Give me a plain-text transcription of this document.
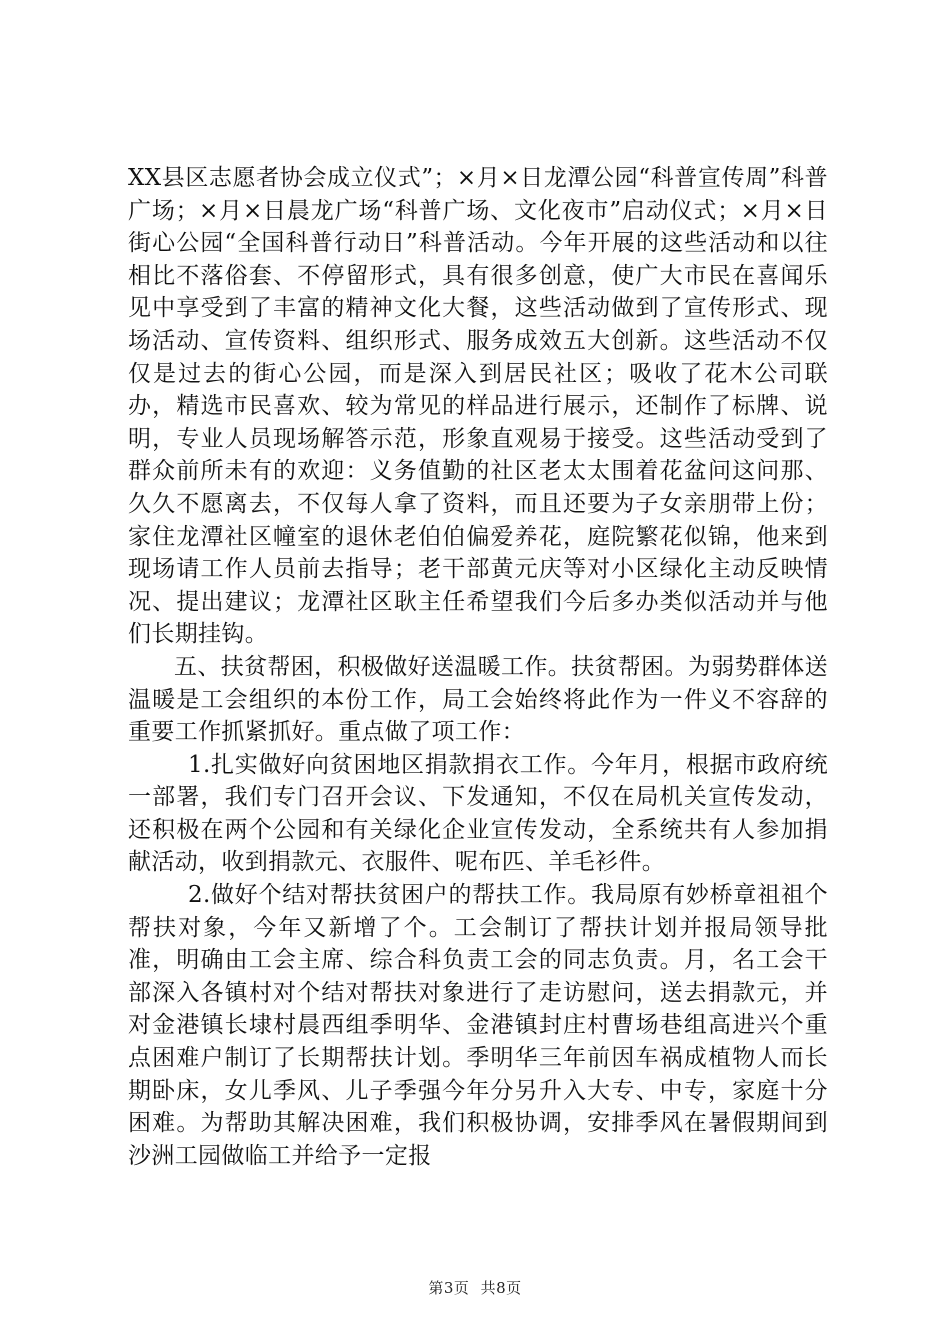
XX县区志愿者协会成立仪式”；×月×日龙潭公园“科普宣传周”科普广场；×月×日晨龙广场“科普广场、文化夜市”启动仪式；×月×日街心公园“全国科普行动日”科普活动。今年开展的这些活动和以往相比不落俗套、不停留形式，具有很多创意，使广大市民在喜闻乐见中享受到了丰富的精神文化大餐，这些活动做到了宣传形式、现场活动、宣传资料、组织形式、服务成效五大创新。这些活动不仅仅是过去的街心公园，而是深入到居民社区；吸收了花木公司联办，精选市民喜欢、较为常见的样品进行展示，还制作了标牌、说明，专业人员现场解答示范，形象直观易于接受。这些活动受到了群众前所未有的欢迎：义务值勤的社区老太太围着花盆问这问那、久久不愿离去，不仅每人拿了资料，而且还要为子女亲朋带上份；家住龙潭社区幢室的退休老伯伯偏爱养花，庭院繁花似锦，他来到现场请工作人员前去指导；老干部黄元庆等对小区绿化主动反映情况、提出建议；龙潭社区耿主任希望我们今后多办类似活动并与他们长期挂钩。

五、扶贫帮困，积极做好送温暖工作。扶贫帮困。为弱势群体送温暖是工会组织的本份工作，局工会始终将此作为一件义不容辞的重要工作抓紧抓好。重点做了项工作：

1.扎实做好向贫困地区捐款捐衣工作。今年月，根据市政府统一部署，我们专门召开会议、下发通知，不仅在局机关宣传发动，还积极在两个公园和有关绿化企业宣传发动，全系统共有人参加捐献活动，收到捐款元、衣服件、呢布匹、羊毛衫件。

2.做好个结对帮扶贫困户的帮扶工作。我局原有妙桥章祖祖个帮扶对象，今年又新增了个。工会制订了帮扶计划并报局领导批准，明确由工会主席、综合科负责工会的同志负责。月，名工会干部深入各镇村对个结对帮扶对象进行了走访慰问，送去捐款元，并对金港镇长埭村晨西组季明华、金港镇封庄村曹场巷组高进兴个重点困难户制订了长期帮扶计划。季明华三年前因车祸成植物人而长期卧床，女儿季风、儿子季强今年分另升入大专、中专，家庭十分困难。为帮助其解决困难，我们积极协调，安排季风在暑假期间到沙洲工园做临工并给予一定报

第3页 共8页
